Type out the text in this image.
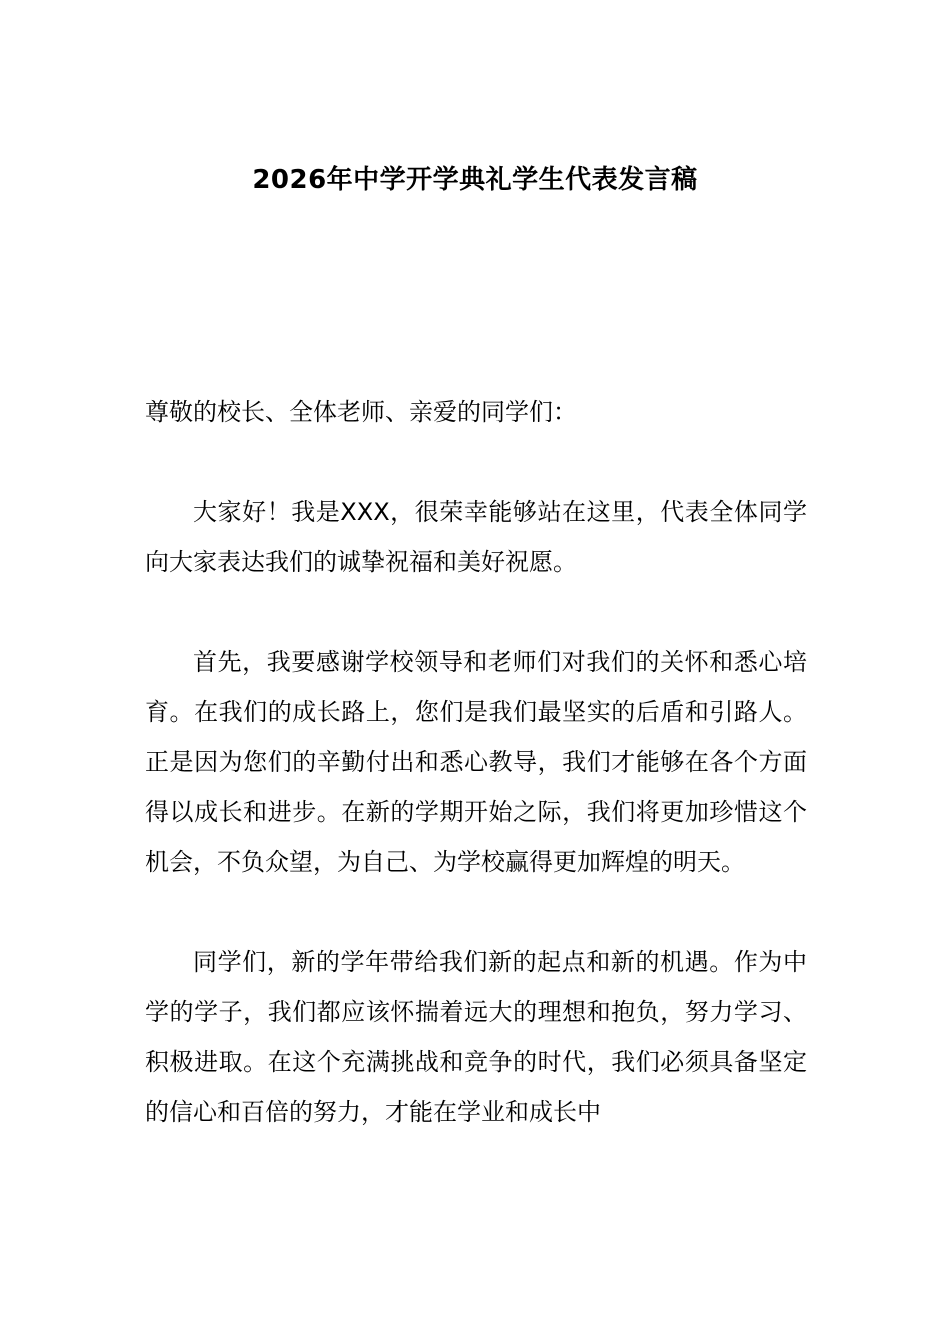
2026年中学开学典礼学生代表发言稿

尊敬的校长、全体老师、亲爱的同学们：

大家好！我是XXX，很荣幸能够站在这里，代表全体同学向大家表达我们的诚挚祝福和美好祝愿。

首先，我要感谢学校领导和老师们对我们的关怀和悉心培育。在我们的成长路上，您们是我们最坚实的后盾和引路人。正是因为您们的辛勤付出和悉心教导，我们才能够在各个方面得以成长和进步。在新的学期开始之际，我们将更加珍惜这个机会，不负众望，为自己、为学校赢得更加辉煌的明天。

同学们，新的学年带给我们新的起点和新的机遇。作为中学的学子，我们都应该怀揣着远大的理想和抱负，努力学习、积极进取。在这个充满挑战和竞争的时代，我们必须具备坚定的信心和百倍的努力，才能在学业和成长中
